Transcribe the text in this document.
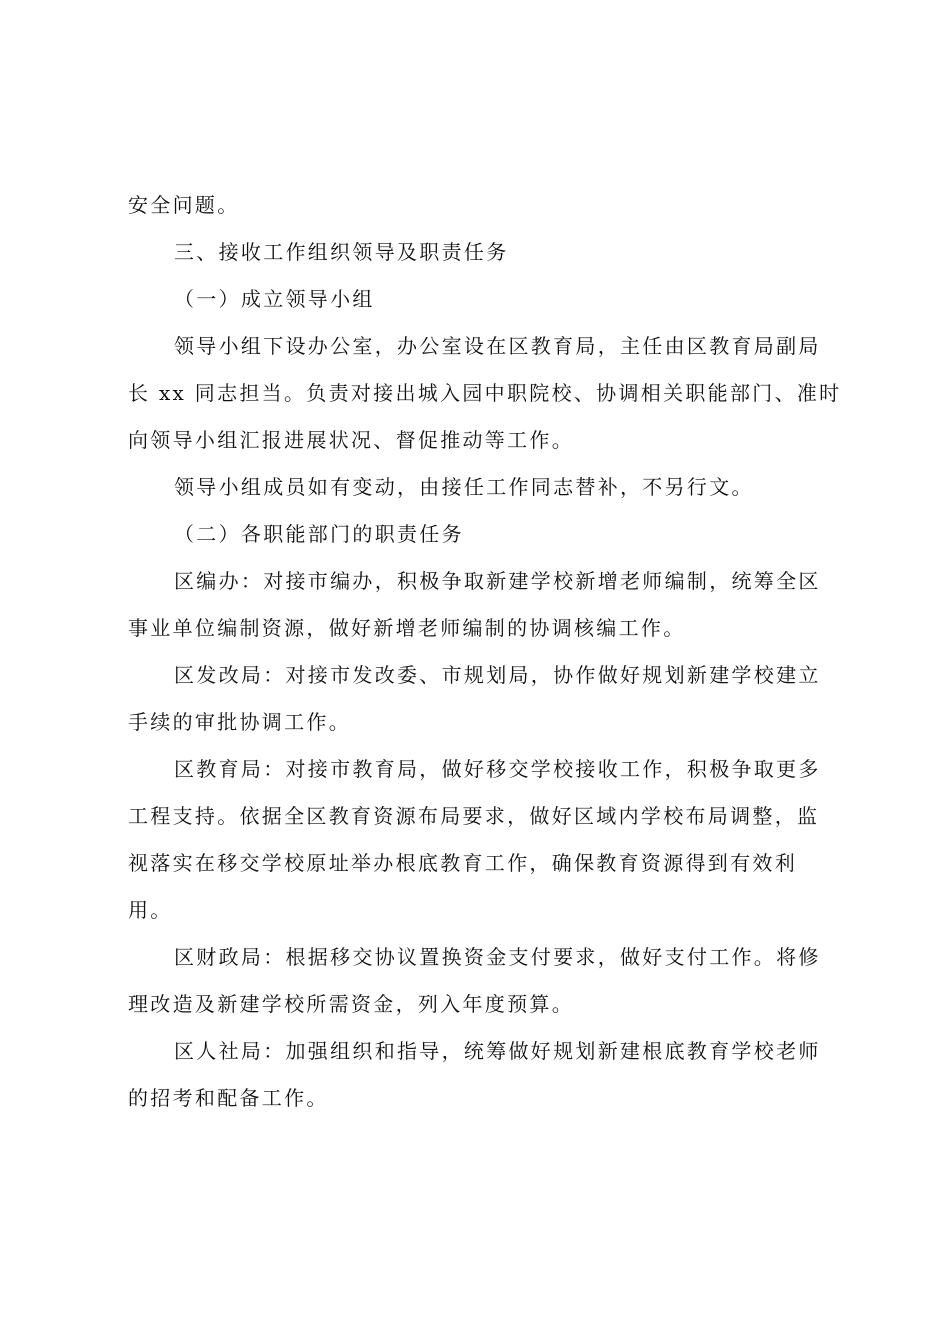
安全问题。
三、接收工作组织领导及职责任务
（一）成立领导小组
领导小组下设办公室，办公室设在区教育局，主任由区教育局副局
长 xx 同志担当。负责对接出城入园中职院校、协调相关职能部门、准时
向领导小组汇报进展状况、督促推动等工作。
领导小组成员如有变动，由接任工作同志替补，不另行文。
（二）各职能部门的职责任务
区编办：对接市编办，积极争取新建学校新增老师编制，统筹全区
事业单位编制资源，做好新增老师编制的协调核编工作。
区发改局：对接市发改委、市规划局，协作做好规划新建学校建立
手续的审批协调工作。
区教育局：对接市教育局，做好移交学校接收工作，积极争取更多
工程支持。依据全区教育资源布局要求，做好区域内学校布局调整，监
视落实在移交学校原址举办根底教育工作，确保教育资源得到有效利
用。
区财政局：根据移交协议置换资金支付要求，做好支付工作。将修
理改造及新建学校所需资金，列入年度预算。
区人社局：加强组织和指导，统筹做好规划新建根底教育学校老师
的招考和配备工作。
